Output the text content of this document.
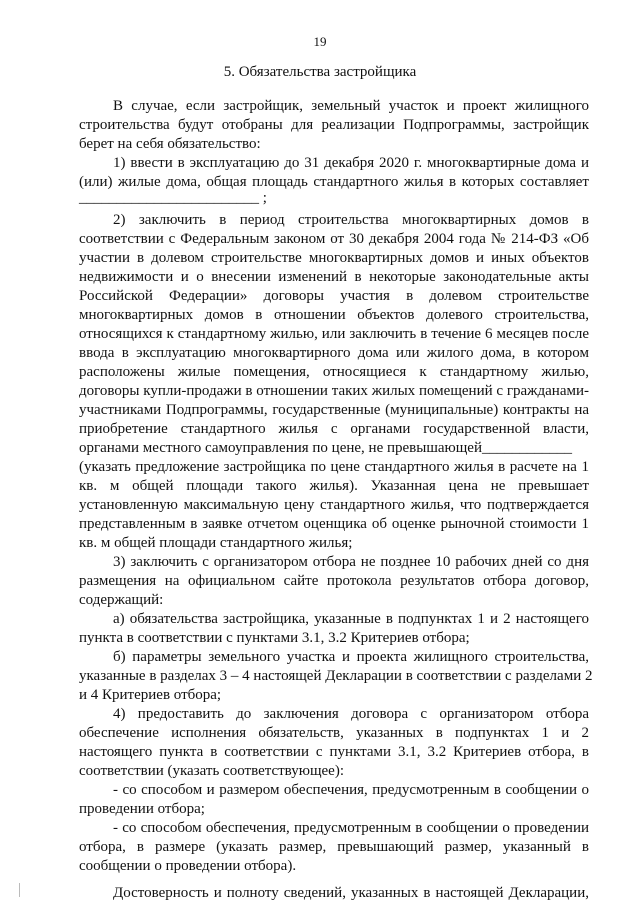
19
5. Обязательства застройщика
В случае, если застройщик, земельный участок и проект жилищного
строительства будут отобраны для реализации Подпрограммы, застройщик
берет на себя обязательство:
1) ввести в эксплуатацию до 31 декабря 2020 г. многоквартирные дома и
(или) жилые дома, общая площадь стандартного жилья в которых составляет
________________________ ;
2) заключить в период строительства многоквартирных домов в
соответствии с Федеральным законом от 30 декабря 2004 года № 214-ФЗ «Об
участии в долевом строительстве многоквартирных домов и иных объектов
недвижимости и о внесении изменений в некоторые законодательные акты
Российской Федерации» договоры участия в долевом строительстве
многоквартирных домов в отношении объектов долевого строительства,
относящихся к стандартному жилью, или заключить в течение 6 месяцев после
ввода в эксплуатацию многоквартирного дома или жилого дома, в котором
расположены жилые помещения, относящиеся к стандартному жилью,
договоры купли-продажи в отношении таких жилых помещений с гражданами-
участниками Подпрограммы, государственные (муниципальные) контракты на
приобретение стандартного жилья с органами государственной власти,
органами местного самоуправления по цене, не превышающей____________
(указать предложение застройщика по цене стандартного жилья в расчете на 1
кв. м общей площади такого жилья). Указанная цена не превышает
установленную максимальную цену стандартного жилья, что подтверждается
представленным в заявке отчетом оценщика об оценке рыночной стоимости 1
кв. м общей площади стандартного жилья;
3) заключить с организатором отбора не позднее 10 рабочих дней со дня
размещения на официальном сайте протокола результатов отбора договор,
содержащий:
а) обязательства застройщика, указанные в подпунктах 1 и 2 настоящего
пункта в соответствии с пунктами 3.1, 3.2 Критериев отбора;
б) параметры земельного участка и проекта жилищного строительства,
указанные в разделах 3 – 4 настоящей Декларации в соответствии с разделами 2
и 4 Критериев отбора;
4) предоставить до заключения договора с организатором отбора
обеспечение исполнения обязательств, указанных в подпунктах 1 и 2
настоящего пункта в соответствии с пунктами 3.1, 3.2 Критериев отбора, в
соответствии (указать соответствующее):
- со способом и размером обеспечения, предусмотренным в сообщении о
проведении отбора;
- со способом обеспечения, предусмотренным в сообщении о проведении
отбора, в размере (указать размер, превышающий размер, указанный в
сообщении о проведении отбора).
Достоверность и полноту сведений, указанных в настоящей Декларации,
